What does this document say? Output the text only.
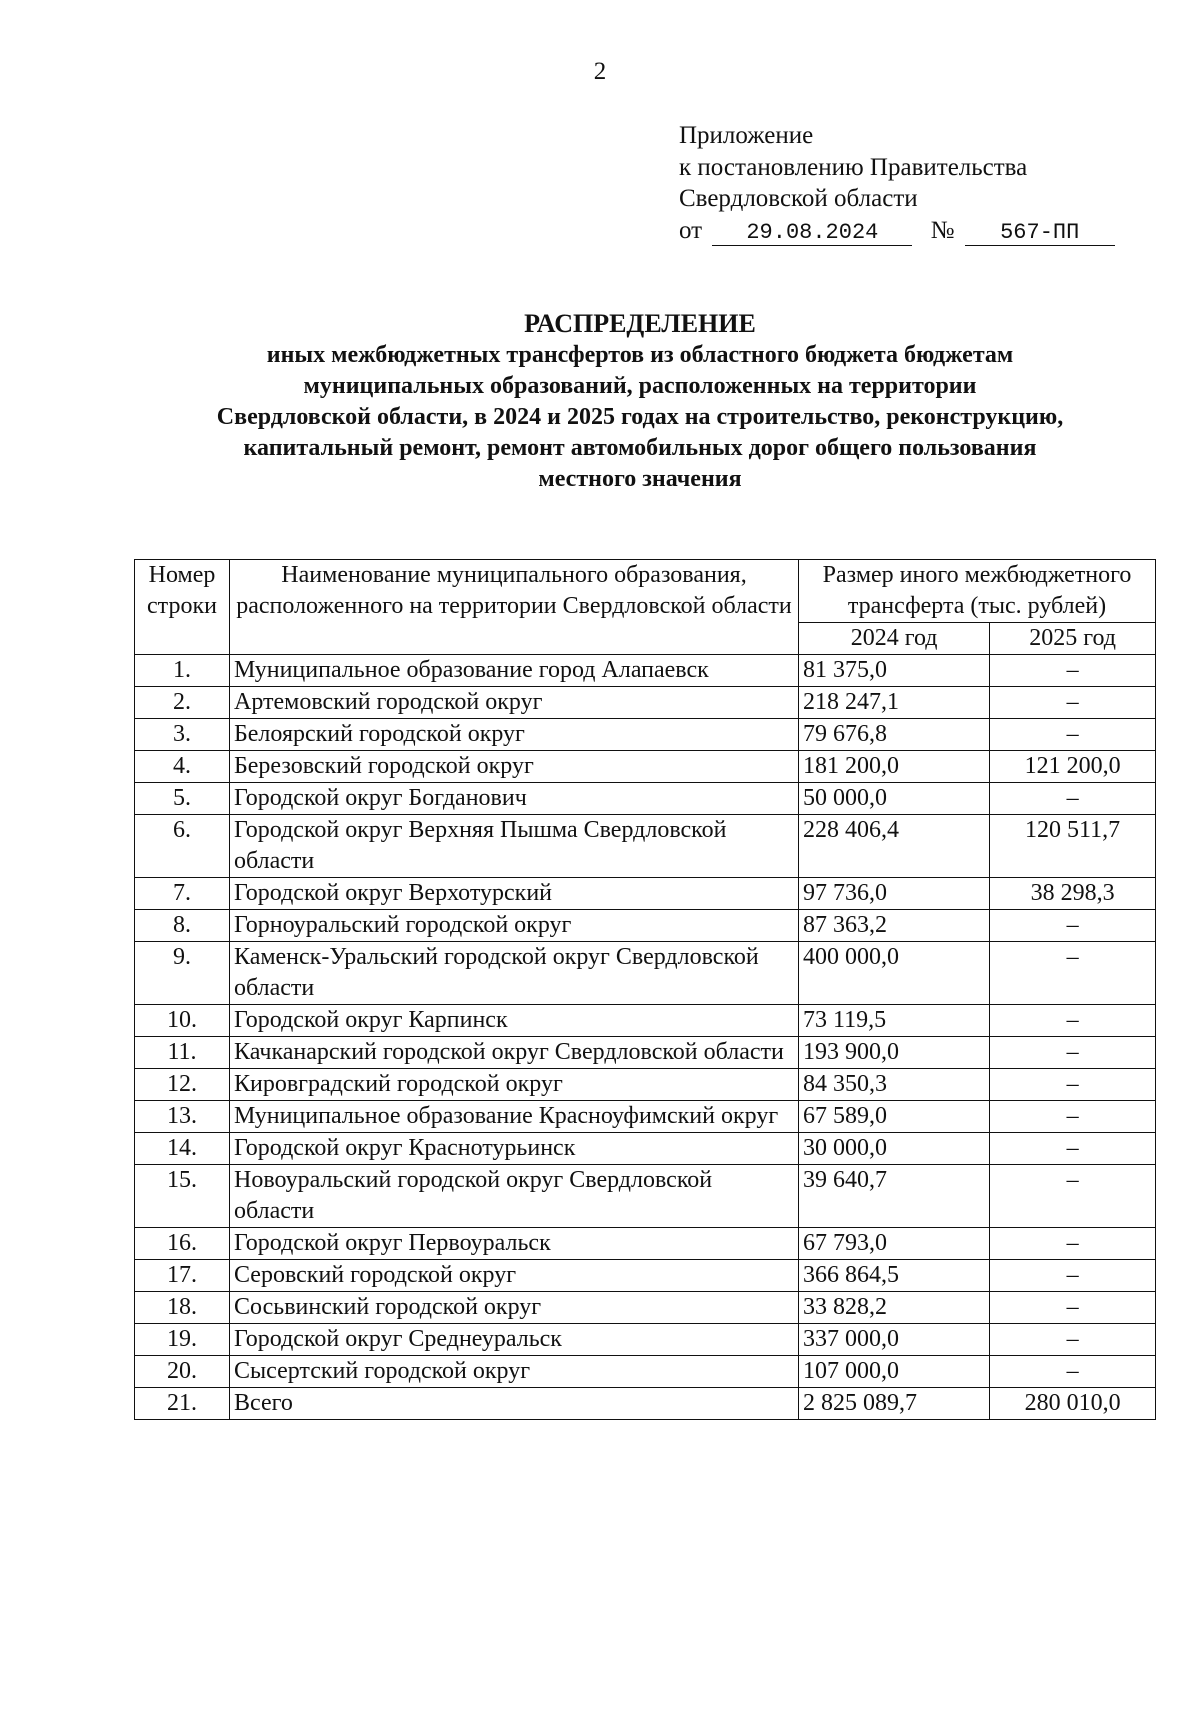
2
Приложение
к постановлению Правительства
Свердловской области
от 29.08.2024 № 567-ПП
РАСПРЕДЕЛЕНИЕ
иных межбюджетных трансфертов из областного бюджета бюджетам
муниципальных образований, расположенных на территории
Свердловской области, в 2024 и 2025 годах на строительство, реконструкцию,
капитальный ремонт, ремонт автомобильных дорог общего пользования
местного значения
Номер строки	Наименование муниципального образования, расположенного на территории Свердловской области	Размер иного межбюджетного трансферта (тыс. рублей)	
		2024 год	2025 год
1.	Муниципальное образование город Алапаевск	81 375,0	–
2.	Артемовский городской округ	218 247,1	–
3.	Белоярский городской округ	79 676,8	–
4.	Березовский городской округ	181 200,0	121 200,0
5.	Городской округ Богданович	50 000,0	–
6.	Городской округ Верхняя Пышма Свердловской области	228 406,4	120 511,7
7.	Городской округ Верхотурский	97 736,0	38 298,3
8.	Горноуральский городской округ	87 363,2	–
9.	Каменск-Уральский городской округ Свердловской области	400 000,0	–
10.	Городской округ Карпинск	73 119,5	–
11.	Качканарский городской округ Свердловской области	193 900,0	–
12.	Кировградский городской округ	84 350,3	–
13.	Муниципальное образование Красноуфимский округ	67 589,0	–
14.	Городской округ Краснотурьинск	30 000,0	–
15.	Новоуральский городской округ Свердловской области	39 640,7	–
16.	Городской округ Первоуральск	67 793,0	–
17.	Серовский городской округ	366 864,5	–
18.	Сосьвинский городской округ	33 828,2	–
19.	Городской округ Среднеуральск	337 000,0	–
20.	Сысертский городской округ	107 000,0	–
21.	Всего	2 825 089,7	280 010,0
